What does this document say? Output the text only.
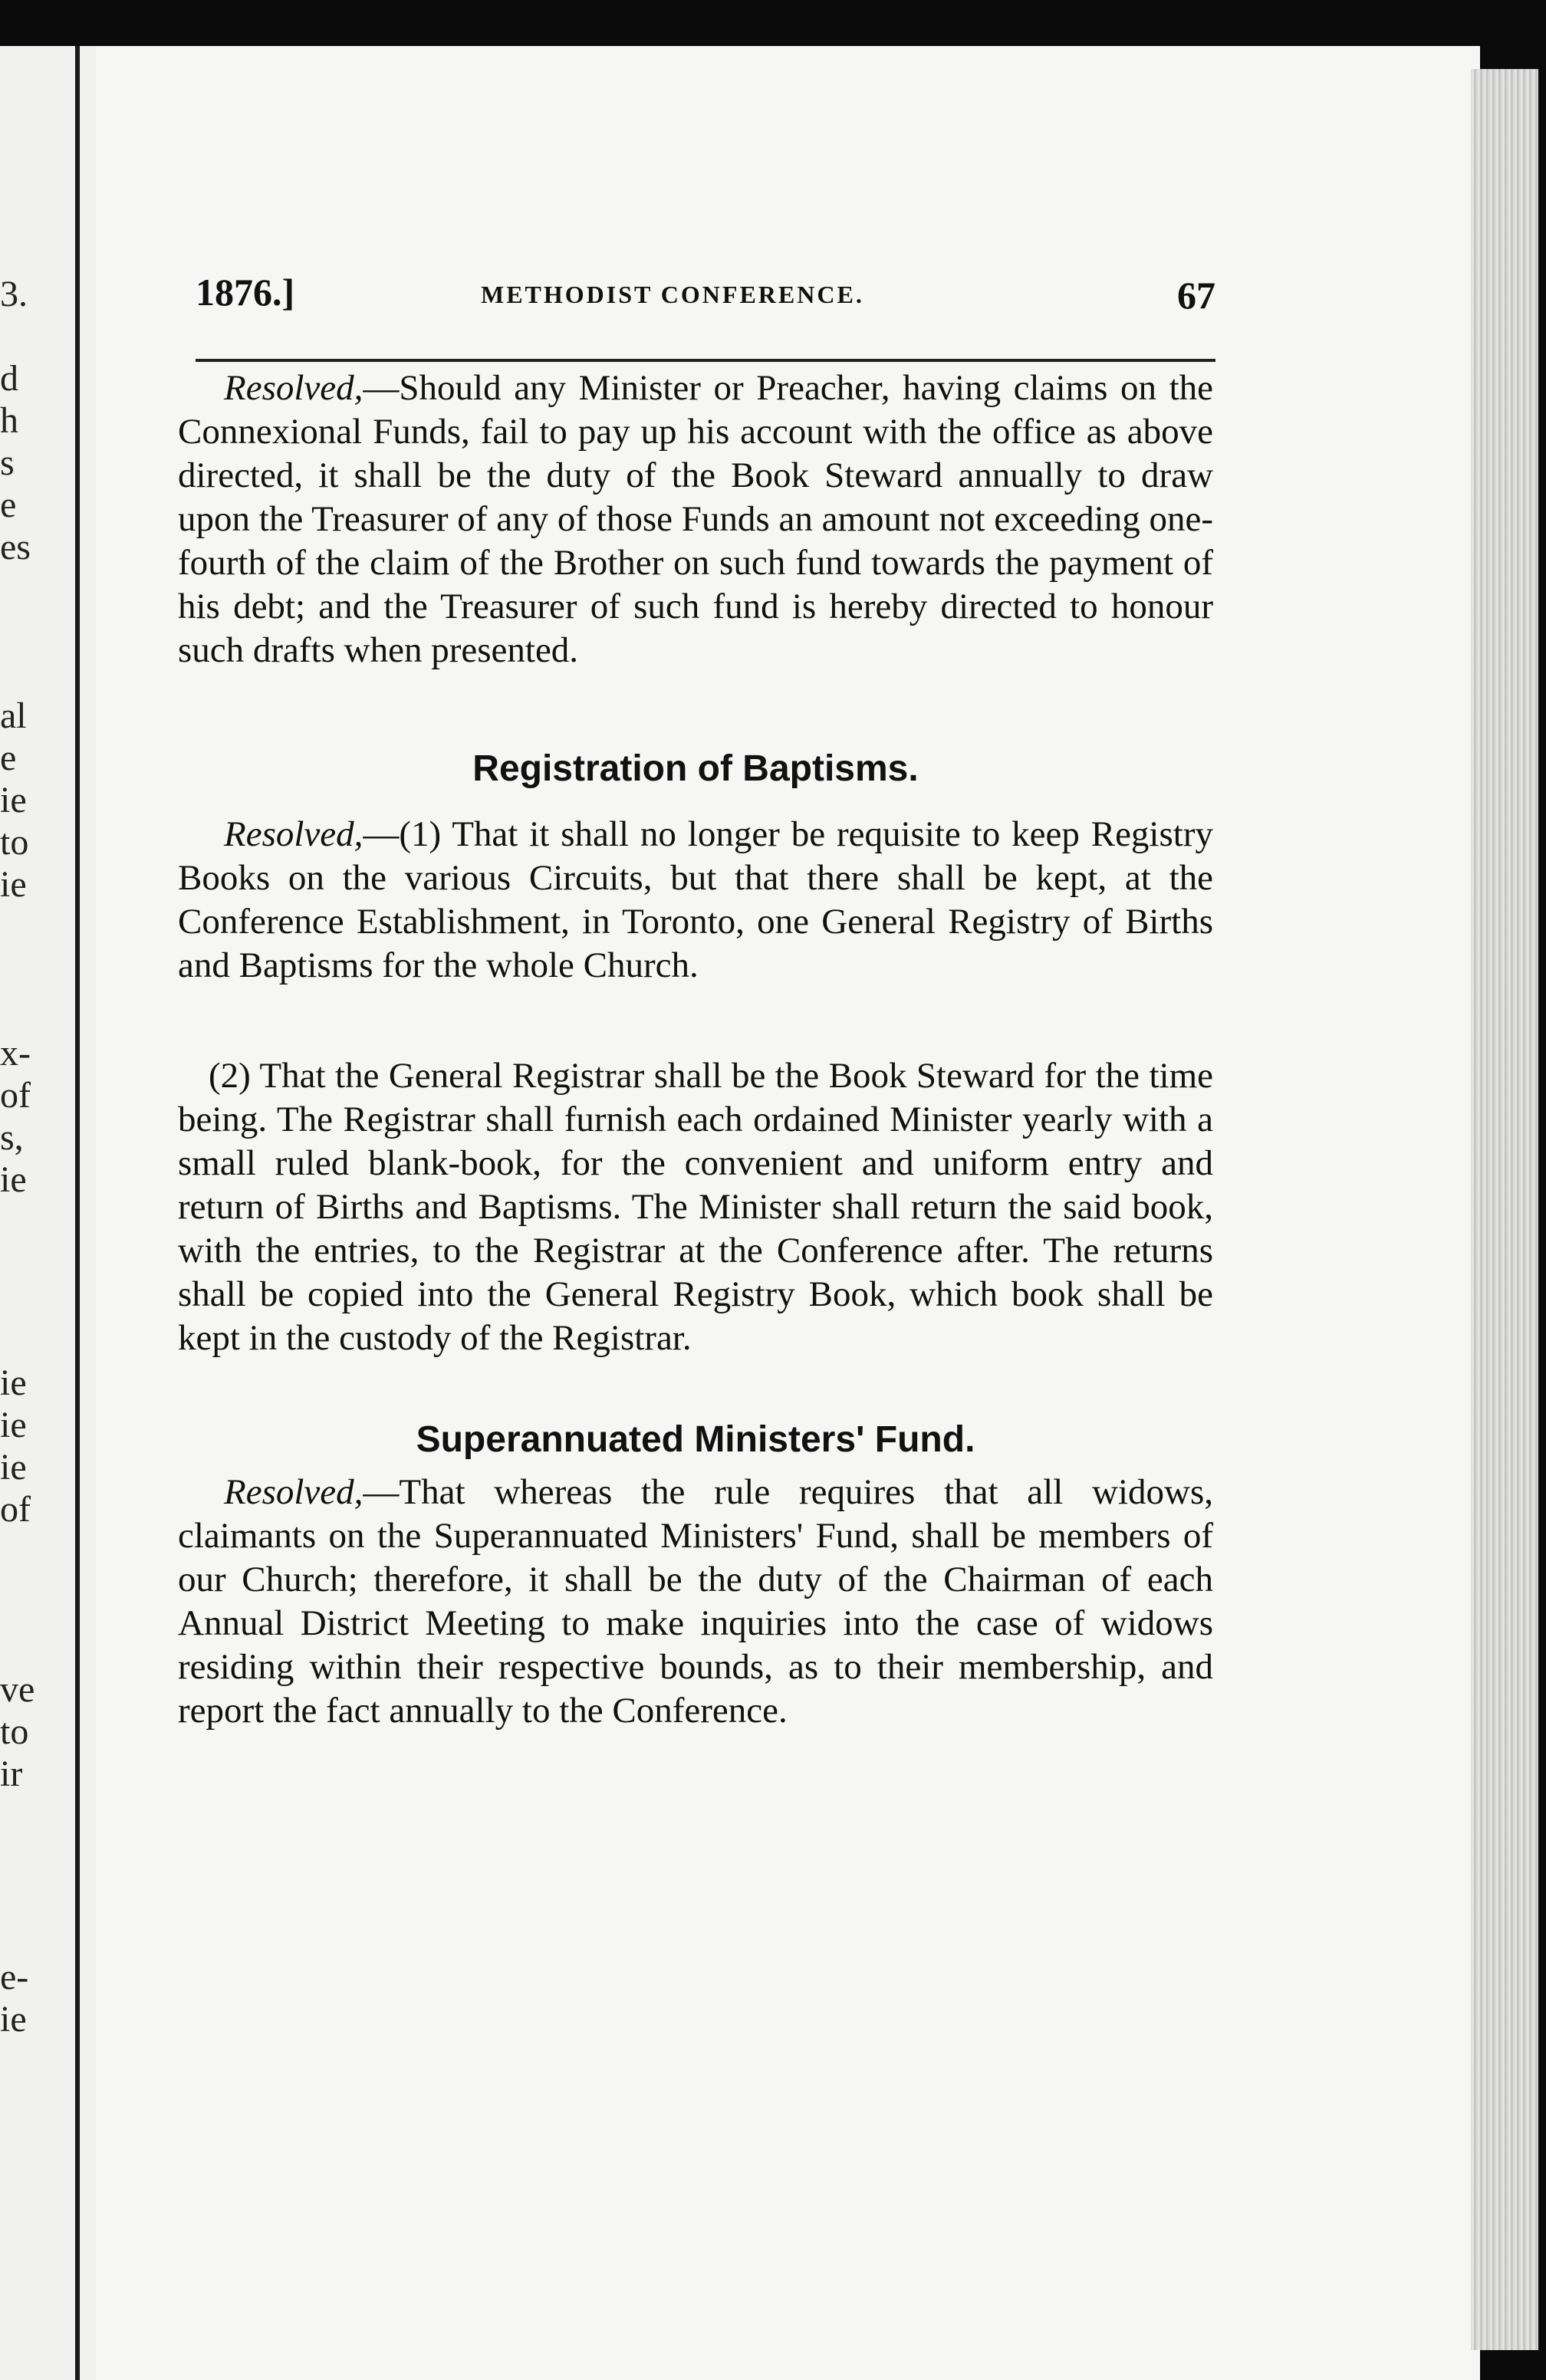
3.
d
h
s
e
es
al
e
ie
to
ie
x-
of
s,
ie
ie
ie
ie
of
ve
to
ir
e-
ie
1876.]	METHODIST CONFERENCE.	67

Resolved,—Should any Minister or Preacher, having claims on the Connexional Funds, fail to pay up his account with the office as above directed, it shall be the duty of the Book Steward annually to draw upon the Treasurer of any of those Funds an amount not exceeding one-fourth of the claim of the Brother on such fund towards the payment of his debt; and the Treasurer of such fund is hereby directed to honour such drafts when presented.

Registration of Baptisms.

Resolved,—(1) That it shall no longer be requisite to keep Registry Books on the various Circuits, but that there shall be kept, at the Conference Establishment, in Toronto, one General Registry of Births and Baptisms for the whole Church.

(2) That the General Registrar shall be the Book Steward for the time being. The Registrar shall furnish each ordained Minister yearly with a small ruled blank-book, for the convenient and uniform entry and return of Births and Baptisms. The Minister shall return the said book, with the entries, to the Registrar at the Conference after. The returns shall be copied into the General Registry Book, which book shall be kept in the custody of the Registrar.

Superannuated Ministers' Fund.

Resolved,—That whereas the rule requires that all widows, claimants on the Superannuated Ministers' Fund, shall be members of our Church; therefore, it shall be the duty of the Chairman of each Annual District Meeting to make inquiries into the case of widows residing within their respective bounds, as to their membership, and report the fact annually to the Conference.
